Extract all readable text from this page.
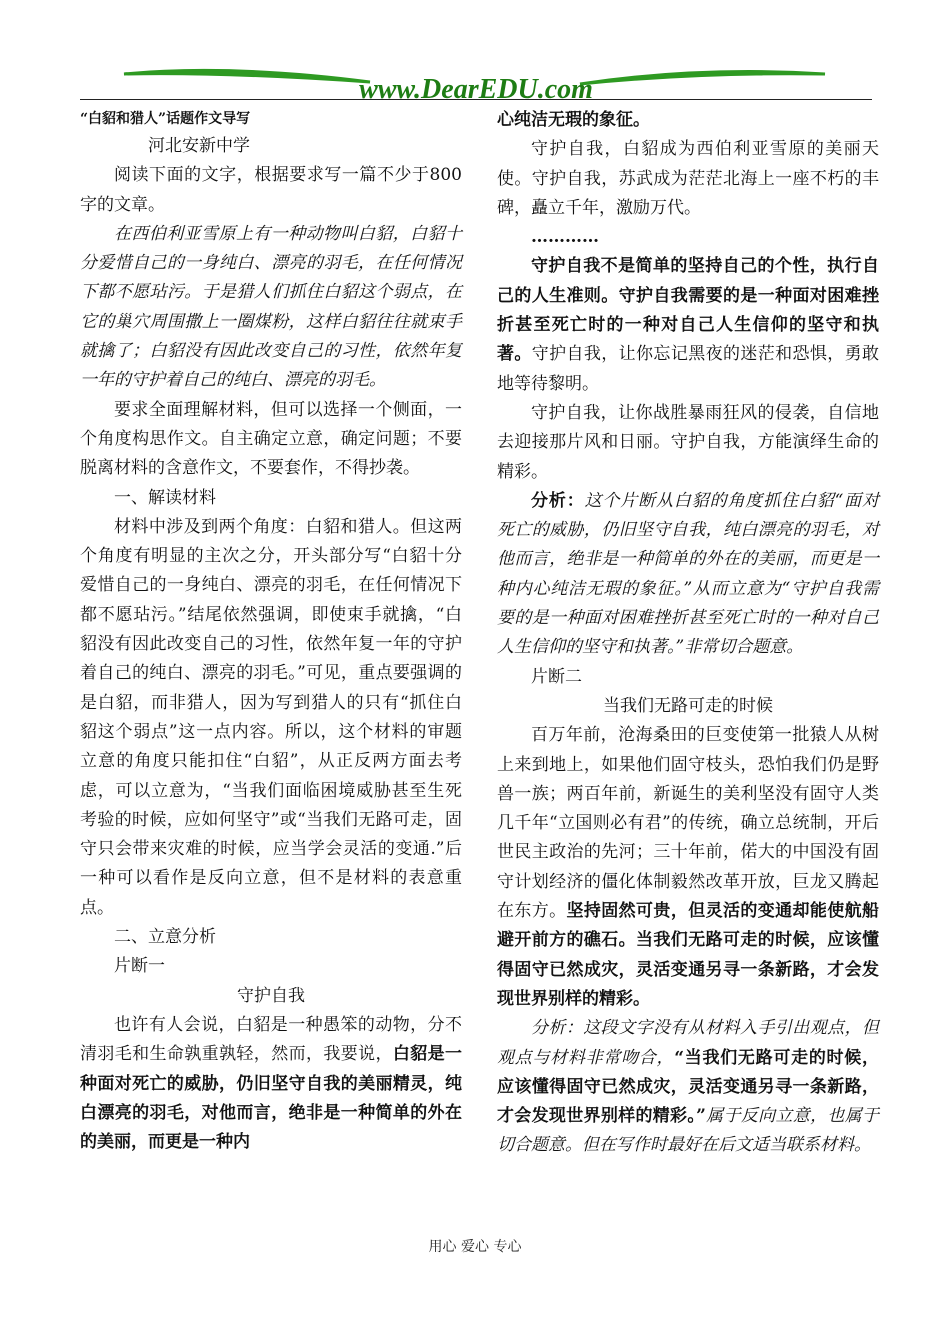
www.DearEDU.com

“白貂和猎人”话题作文导写

河北安新中学

阅读下面的文字，根据要求写一篇不少于800字的文章。

在西伯利亚雪原上有一种动物叫白貂，白貂十分爱惜自己的一身纯白、漂亮的羽毛，在任何情况下都不愿玷污。于是猎人们抓住白貂这个弱点，在它的巢穴周围撒上一圈煤粉，这样白貂往往就束手就擒了；白貂没有因此改变自己的习性，依然年复一年的守护着自己的纯白、漂亮的羽毛。

要求全面理解材料，但可以选择一个侧面，一个角度构思作文。自主确定立意，确定问题；不要脱离材料的含意作文，不要套作，不得抄袭。

一、解读材料

材料中涉及到两个角度：白貂和猎人。但这两个角度有明显的主次之分，开头部分写“白貂十分爱惜自己的一身纯白、漂亮的羽毛，在任何情况下都不愿玷污。”结尾依然强调，即使束手就擒，“白貂没有因此改变自己的习性，依然年复一年的守护着自己的纯白、漂亮的羽毛。”可见，重点要强调的是白貂，而非猎人，因为写到猎人的只有“抓住白貂这个弱点”这一点内容。所以，这个材料的审题立意的角度只能扣住“白貂”，从正反两方面去考虑，可以立意为，“当我们面临困境威胁甚至生死考验的时候，应如何坚守”或“当我们无路可走，固守只会带来灾难的时候，应当学会灵活的变通.”后一种可以看作是反向立意，但不是材料的表意重点。

二、立意分析

片断一

守护自我

也许有人会说，白貂是一种愚笨的动物，分不清羽毛和生命孰重孰轻，然而，我要说，白貂是一种面对死亡的威胁，仍旧坚守自我的美丽精灵，纯白漂亮的羽毛，对他而言，绝非是一种简单的外在的美丽，而更是一种内

心纯洁无瑕的象征。

守护自我，白貂成为西伯利亚雪原的美丽天使。守护自我，苏武成为茫茫北海上一座不朽的丰碑，矗立千年，激励万代。

…………

守护自我不是简单的坚持自己的个性，执行自己的人生准则。守护自我需要的是一种面对困难挫折甚至死亡时的一种对自己人生信仰的坚守和执著。守护自我，让你忘记黑夜的迷茫和恐惧，勇敢地等待黎明。

守护自我，让你战胜暴雨狂风的侵袭，自信地去迎接那片风和日丽。守护自我，方能演绎生命的精彩。

分析：这个片断从白貂的角度抓住白貂“面对死亡的威胁，仍旧坚守自我，纯白漂亮的羽毛，对他而言，绝非是一种简单的外在的美丽，而更是一种内心纯洁无瑕的象征。”从而立意为“守护自我需要的是一种面对困难挫折甚至死亡时的一种对自己人生信仰的坚守和执著。”非常切合题意。

片断二

当我们无路可走的时候

百万年前，沧海桑田的巨变使第一批猿人从树上来到地上，如果他们固守枝头，恐怕我们仍是野兽一族；两百年前，新诞生的美利坚没有固守人类几千年“立国则必有君”的传统，确立总统制，开后世民主政治的先河；三十年前，偌大的中国没有固守计划经济的僵化体制毅然改革开放，巨龙又腾起在东方。坚持固然可贵，但灵活的变通却能使航船避开前方的礁石。当我们无路可走的时候，应该懂得固守已然成灾，灵活变通另寻一条新路，才会发现世界别样的精彩。

分析：这段文字没有从材料入手引出观点，但观点与材料非常吻合，“当我们无路可走的时候，应该懂得固守已然成灾，灵活变通另寻一条新路，才会发现世界别样的精彩。”属于反向立意，也属于切合题意。但在写作时最好在后文适当联系材料。

用心 爱心 专心
